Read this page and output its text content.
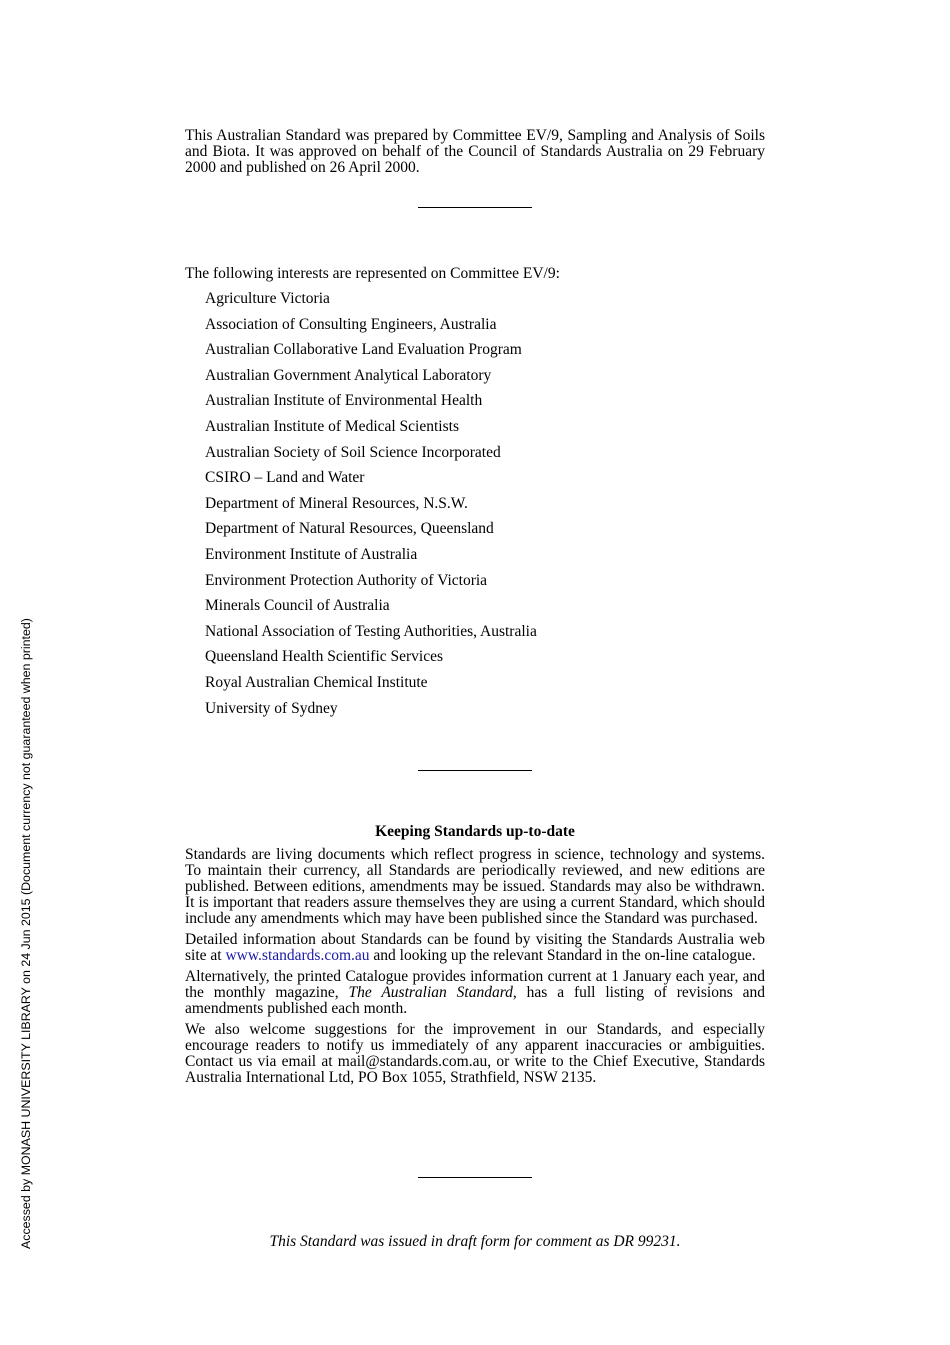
This Australian Standard was prepared by Committee EV/9, Sampling and Analysis of Soils and Biota. It was approved on behalf of the Council of Standards Australia on 29 February 2000 and published on 26 April 2000.

The following interests are represented on Committee EV/9:

Agriculture Victoria
Association of Consulting Engineers, Australia
Australian Collaborative Land Evaluation Program
Australian Government Analytical Laboratory
Australian Institute of Environmental Health
Australian Institute of Medical Scientists
Australian Society of Soil Science Incorporated
CSIRO – Land and Water
Department of Mineral Resources, N.S.W.
Department of Natural Resources, Queensland
Environment Institute of Australia
Environment Protection Authority of Victoria
Minerals Council of Australia
National Association of Testing Authorities, Australia
Queensland Health Scientific Services
Royal Australian Chemical Institute
University of Sydney
Keeping Standards up-to-date

Standards are living documents which reflect progress in science, technology and systems. To maintain their currency, all Standards are periodically reviewed, and new editions are published. Between editions, amendments may be issued. Standards may also be withdrawn. It is important that readers assure themselves they are using a current Standard, which should include any amendments which may have been published since the Standard was purchased.

Detailed information about Standards can be found by visiting the Standards Australia web site at www.standards.com.au and looking up the relevant Standard in the on-line catalogue.

Alternatively, the printed Catalogue provides information current at 1 January each year, and the monthly magazine, The Australian Standard, has a full listing of revisions and amendments published each month.

We also welcome suggestions for the improvement in our Standards, and especially encourage readers to notify us immediately of any apparent inaccuracies or ambiguities. Contact us via email at mail@standards.com.au, or write to the Chief Executive, Standards Australia International Ltd, PO Box 1055, Strathfield, NSW 2135.

This Standard was issued in draft form for comment as DR 99231.

Accessed by MONASH UNIVERSITY LIBRARY on 24 Jun 2015 (Document currency not guaranteed when printed)
